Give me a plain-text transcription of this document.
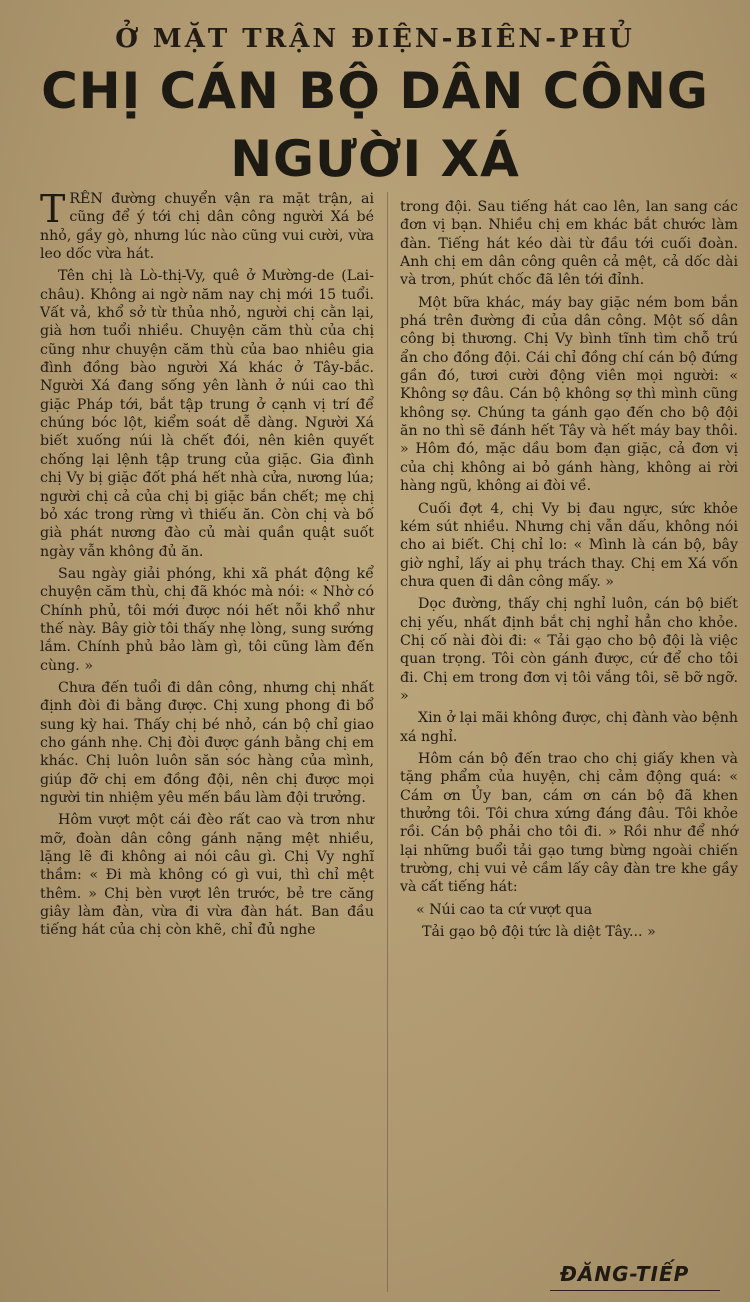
Ở MẶT TRẬN ĐIỆN-BIÊN-PHỦ
CHỊ CÁN BỘ DÂN CÔNG
NGƯỜI XÁ

TRÊN đường chuyển vận ra mặt trận, ai cũng để ý tới chị dân công người Xá bé nhỏ, gầy gò, nhưng lúc nào cũng vui cười, vừa leo dốc vừa hát.

Tên chị là Lò-thị-Vy, quê ở Mường-de (Lai-châu). Không ai ngờ năm nay chị mới 15 tuổi. Vất vả, khổ sở từ thủa nhỏ, người chị cằn lại, già hơn tuổi nhiều. Chuyện căm thù của chị cũng như chuyện căm thù của bao nhiêu gia đình đồng bào người Xá khác ở Tây-bắc. Người Xá đang sống yên lành ở núi cao thì giặc Pháp tới, bắt tập trung ở cạnh vị trí để chúng bóc lột, kiểm soát dễ dàng. Người Xá biết xuống núi là chết đói, nên kiên quyết chống lại lệnh tập trung của giặc. Gia đình chị Vy bị giặc đốt phá hết nhà cửa, nương lúa; người chị cả của chị bị giặc bắn chết; mẹ chị bỏ xác trong rừng vì thiếu ăn. Còn chị và bố già phát nương đào củ mài quần quật suốt ngày vẫn không đủ ăn.

Sau ngày giải phóng, khi xã phát động kể chuyện căm thù, chị đã khóc mà nói: « Nhờ có Chính phủ, tôi mới được nói hết nỗi khổ như thế này. Bây giờ tôi thấy nhẹ lòng, sung sướng lắm. Chính phủ bảo làm gì, tôi cũng làm đến cùng. »

Chưa đến tuổi đi dân công, nhưng chị nhất định đòi đi bằng được. Chị xung phong đi bổ sung kỳ hai. Thấy chị bé nhỏ, cán bộ chỉ giao cho gánh nhẹ. Chị đòi được gánh bằng chị em khác. Chị luôn luôn săn sóc hàng của mình, giúp đỡ chị em đồng đội, nên chị được mọi người tin nhiệm yêu mến bầu làm đội trưởng.

Hôm vượt một cái đèo rất cao và trơn như mỡ, đoàn dân công gánh nặng mệt nhiều, lặng lẽ đi không ai nói câu gì. Chị Vy nghĩ thầm: « Đi mà không có gì vui, thì chỉ mệt thêm. » Chị bèn vượt lên trước, bẻ tre căng giây làm đàn, vừa đi vừa đàn hát. Ban đầu tiếng hát của chị còn khẽ, chỉ đủ nghe

trong đội. Sau tiếng hát cao lên, lan sang các đơn vị bạn. Nhiều chị em khác bắt chước làm đàn. Tiếng hát kéo dài từ đầu tới cuối đoàn. Anh chị em dân công quên cả mệt, cả dốc dài và trơn, phút chốc đã lên tới đỉnh.

Một bữa khác, máy bay giặc ném bom bắn phá trên đường đi của dân công. Một số dân công bị thương. Chị Vy bình tĩnh tìm chỗ trú ẩn cho đồng đội. Cái chỉ đồng chí cán bộ đứng gần đó, tươi cười động viên mọi người: « Không sợ đâu. Cán bộ không sợ thì mình cũng không sợ. Chúng ta gánh gạo đến cho bộ đội ăn no thì sẽ đánh hết Tây và hết máy bay thôi. » Hôm đó, mặc dầu bom đạn giặc, cả đơn vị của chị không ai bỏ gánh hàng, không ai rời hàng ngũ, không ai đòi về.

Cuối đợt 4, chị Vy bị đau ngực, sức khỏe kém sút nhiều. Nhưng chị vẫn dấu, không nói cho ai biết. Chị chỉ lo: « Mình là cán bộ, bây giờ nghỉ, lấy ai phụ trách thay. Chị em Xá vốn chưa quen đi dân công mấy. »

Dọc đường, thấy chị nghỉ luôn, cán bộ biết chị yếu, nhất định bắt chị nghỉ hẳn cho khỏe. Chị cố nài đòi đi: « Tải gạo cho bộ đội là việc quan trọng. Tôi còn gánh được, cứ để cho tôi đi. Chị em trong đơn vị tôi vắng tôi, sẽ bỡ ngỡ. »

Xin ở lại mãi không được, chị đành vào bệnh xá nghỉ.

Hôm cán bộ đến trao cho chị giấy khen và tặng phẩm của huyện, chị cảm động quá: « Cám ơn Ủy ban, cám ơn cán bộ đã khen thưởng tôi. Tôi chưa xứng đáng đâu. Tôi khỏe rồi. Cán bộ phải cho tôi đi. » Rồi như để nhớ lại những buổi tải gạo tưng bừng ngoài chiến trường, chị vui vẻ cầm lấy cây đàn tre khe gầy và cất tiếng hát:

« Núi cao ta cứ vượt qua

Tải gạo bộ đội tức là diệt Tây... »

ĐĂNG-TIẾP
